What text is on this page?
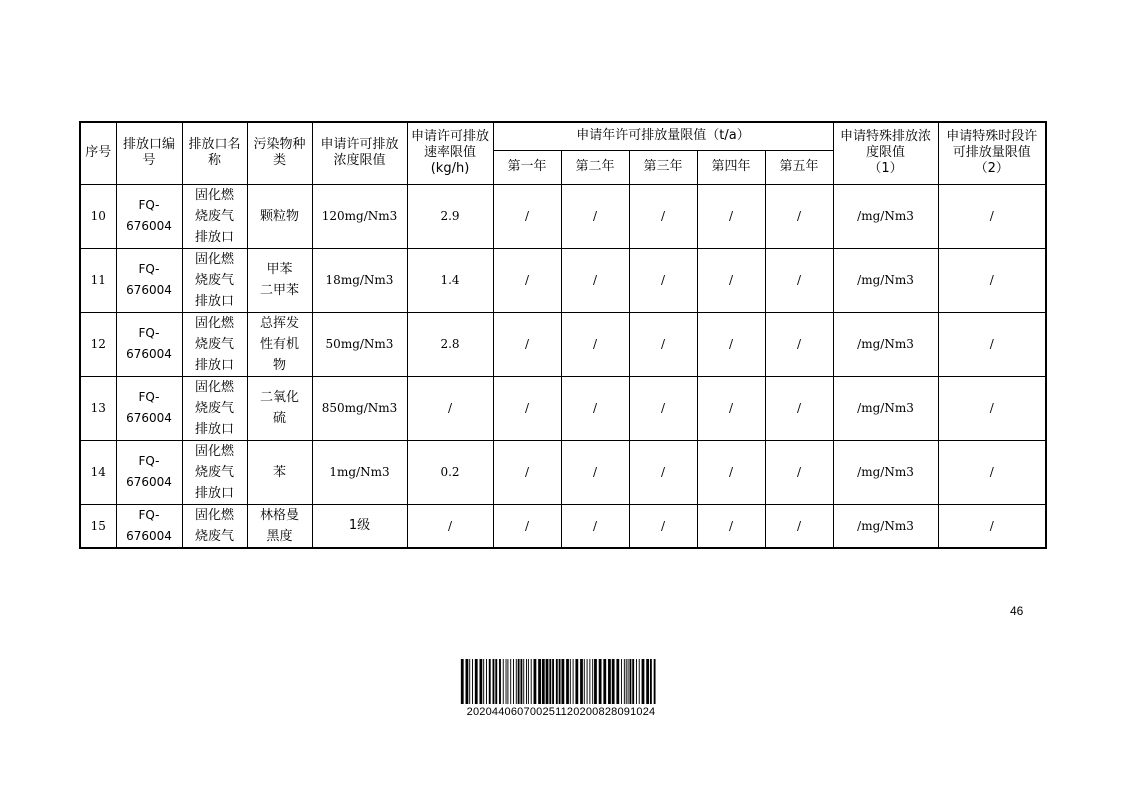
序号	排放口编号	排放口名称	污染物种类	申请许可排放浓度限值	申请许可排放
速率限值
(kg/h)	申请年许可排放量限值（t/a）					申请特殊排放浓
度限值
（1）	申请特殊时段许
可排放量限值
（2）

						第一年	第二年	第三年	第四年	第五年		
10	FQ-
676004	固化燃
烧废气
排放口	颗粒物	120mg/Nm3	2.9	/	/	/	/	/	/mg/Nm3	/
11	FQ-
676004	固化燃
烧废气
排放口	甲苯
二甲苯	18mg/Nm3	1.4	/	/	/	/	/	/mg/Nm3	/
12	FQ-
676004	固化燃
烧废气
排放口	总挥发
性有机
物	50mg/Nm3	2.8	/	/	/	/	/	/mg/Nm3	/
13	FQ-
676004	固化燃
烧废气
排放口	二氧化
硫	850mg/Nm3	/	/	/	/	/	/	/mg/Nm3	/
14	FQ-
676004	固化燃
烧废气
排放口	苯	1mg/Nm3	0.2	/	/	/	/	/	/mg/Nm3	/
15	FQ-
676004	固化燃
烧废气	林格曼
黑度	1级	/	/	/	/	/	/	/mg/Nm3	/
46
20204406070025112020082809​1024
